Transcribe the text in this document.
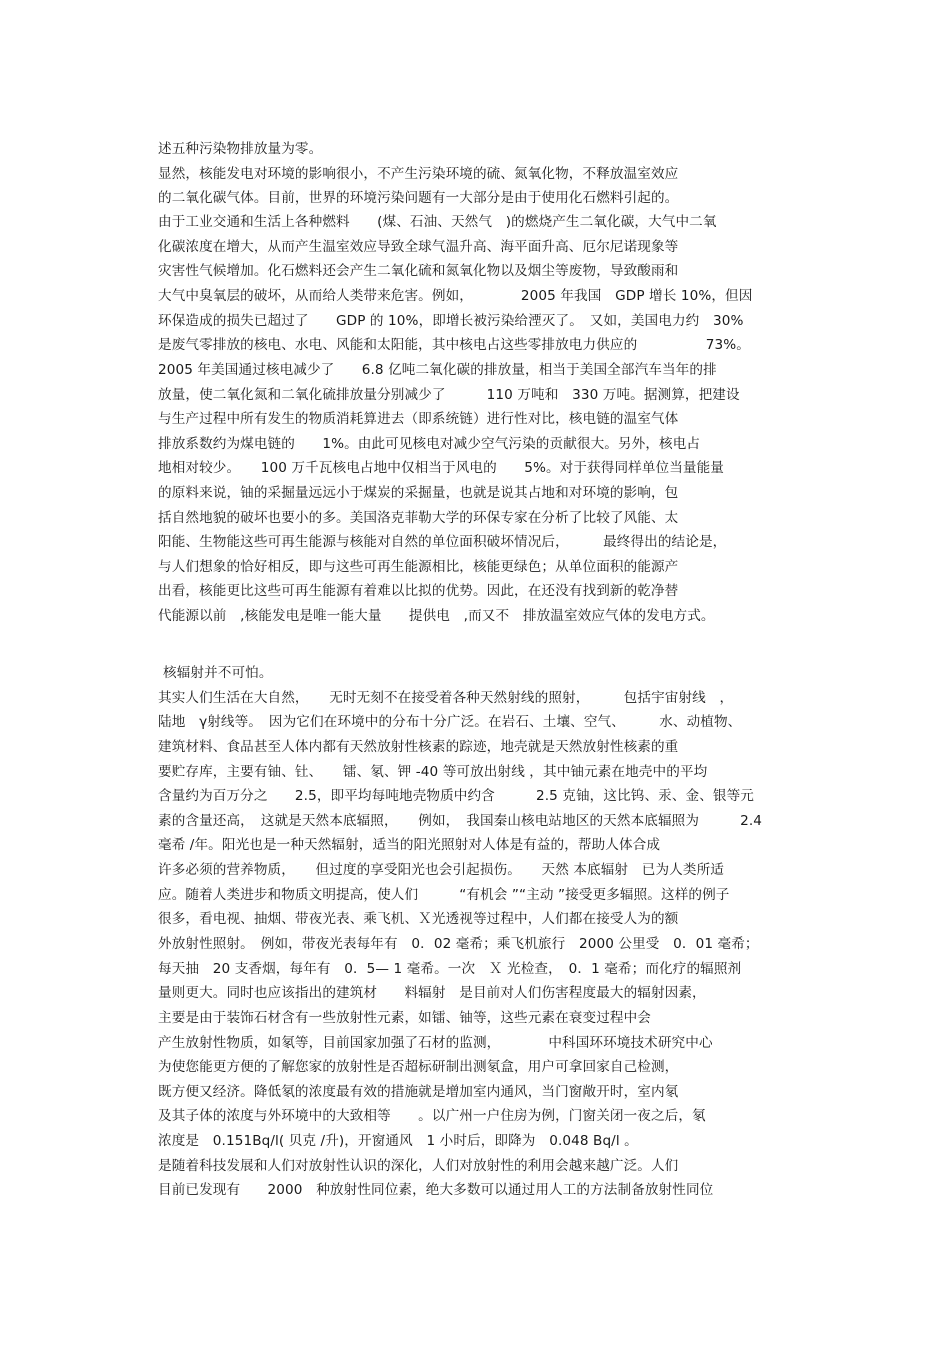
述五种污染物排放量为零。
显然，核能发电对环境的影响很小，不产生污染环境的硫、氮氧化物，不释放温室效应
的二氧化碳气体。目前，世界的环境污染问题有一大部分是由于使用化石燃料引起的。
由于工业交通和生活上各种燃料　　(煤、石油、天然气　)的燃烧产生二氧化碳，大气中二氧
化碳浓度在增大，从而产生温室效应导致全球气温升高、海平面升高、厄尔尼诺现象等
灾害性气候增加。化石燃料还会产生二氧化硫和氮氧化物以及烟尘等废物，导致酸雨和
大气中臭氧层的破坏，从而给人类带来危害。例如，　　　　2005 年我国　GDP 增长 10%，但因
环保造成的损失已超过了　　GDP 的 10%，即增长被污染给湮灭了。　又如，美国电力约　30%
是废气零排放的核电、水电、风能和太阳能，其中核电占这些零排放电力供应的　　　　　73%。
2005 年美国通过核电减少了　　6.8 亿吨二氧化碳的排放量，相当于美国全部汽车当年的排
放量，使二氧化氮和二氧化硫排放量分别减少了　　　110 万吨和　330 万吨。据测算，把建设
与生产过程中所有发生的物质消耗算进去（即系统链）进行性对比，核电链的温室气体
排放系数约为煤电链的　　1%。由此可见核电对减少空气污染的贡献很大。另外，核电占
地相对较少。　　100 万千瓦核电占地中仅相当于风电的　　5%。对于获得同样单位当量能量
的原料来说，铀的采掘量远远小于煤炭的采掘量，也就是说其占地和对环境的影响，包
括自然地貌的破坏也要小的多。美国洛克菲勒大学的环保专家在分析了比较了风能、太
阳能、生物能这些可再生能源与核能对自然的单位面积破坏情况后，　　　最终得出的结论是，
与人们想象的恰好相反，即与这些可再生能源相比，核能更绿色；从单位面积的能源产
出看，核能更比这些可再生能源有着难以比拟的优势。因此，在还没有找到新的乾净替
代能源以前　,核能发电是唯一能大量　　提供电　,而又不　排放温室效应气体的发电方式。
核辐射并不可怕。
其实人们生活在大自然，　　无时无刻不在接受着各种天然射线的照射，　　　包括宇宙射线　，
陆地　γ射线等。　因为它们在环境中的分布十分广泛。在岩石、土壤、空气、　　　水、动植物、
建筑材料、食品甚至人体内都有天然放射性核素的踪迹，地壳就是天然放射性核素的重
要贮存库，主要有铀、钍、　　镭、氡、钾 -40 等可放出射线 ，其中铀元素在地壳中的平均
含量约为百万分之　　2.5，即平均每吨地壳物质中约含　　　2.5 克铀，这比钨、汞、金、银等元
素的含量还高，　这就是天然本底辐照，　　例如，　我国秦山核电站地区的天然本底辐照为　　　2.4
毫希 /年。阳光也是一种天然辐射，适当的阳光照射对人体是有益的，帮助人体合成
许多必须的营养物质，　　但过度的享受阳光也会引起损伤。　　天然 本底辐射　已为人类所适
应。随着人类进步和物质文明提高，使人们　　　“有机会 ”“主动 ”接受更多辐照。这样的例子
很多，看电视、抽烟、带夜光表、乘飞机、Ｘ光透视等过程中，人们都在接受人为的额
外放射性照射。　例如，带夜光表每年有　0．02 毫希；乘飞机旅行　2000 公里受　0．01 毫希；
每天抽　20 支香烟，每年有　0．5— 1 毫希。一次　Ｘ 光检查，　0．1 毫希；而化疗的辐照剂
量则更大。同时也应该指出的建筑材　　料辐射　是目前对人们伤害程度最大的辐射因素，
主要是由于装饰石材含有一些放射性元素，如镭、铀等，这些元素在衰变过程中会
产生放射性物质，如氡等，目前国家加强了石材的监测，　　　　中科国环环境技术研究中心
为使您能更方便的了解您家的放射性是否超标研制出测氡盒，用户可拿回家自己检测，
既方便又经济。降低氡的浓度最有效的措施就是增加室内通风，当门窗敞开时，室内氡
及其子体的浓度与外环境中的大致相等　　。以广州一户住房为例，门窗关闭一夜之后，氡
浓度是　0.151Bq/l( 贝克 /升)，开窗通风　1 小时后，即降为　0.048 Bq/l 。
是随着科技发展和人们对放射性认识的深化，人们对放射性的利用会越来越广泛。人们
目前已发现有　　2000　种放射性同位素，绝大多数可以通过用人工的方法制备放射性同位
